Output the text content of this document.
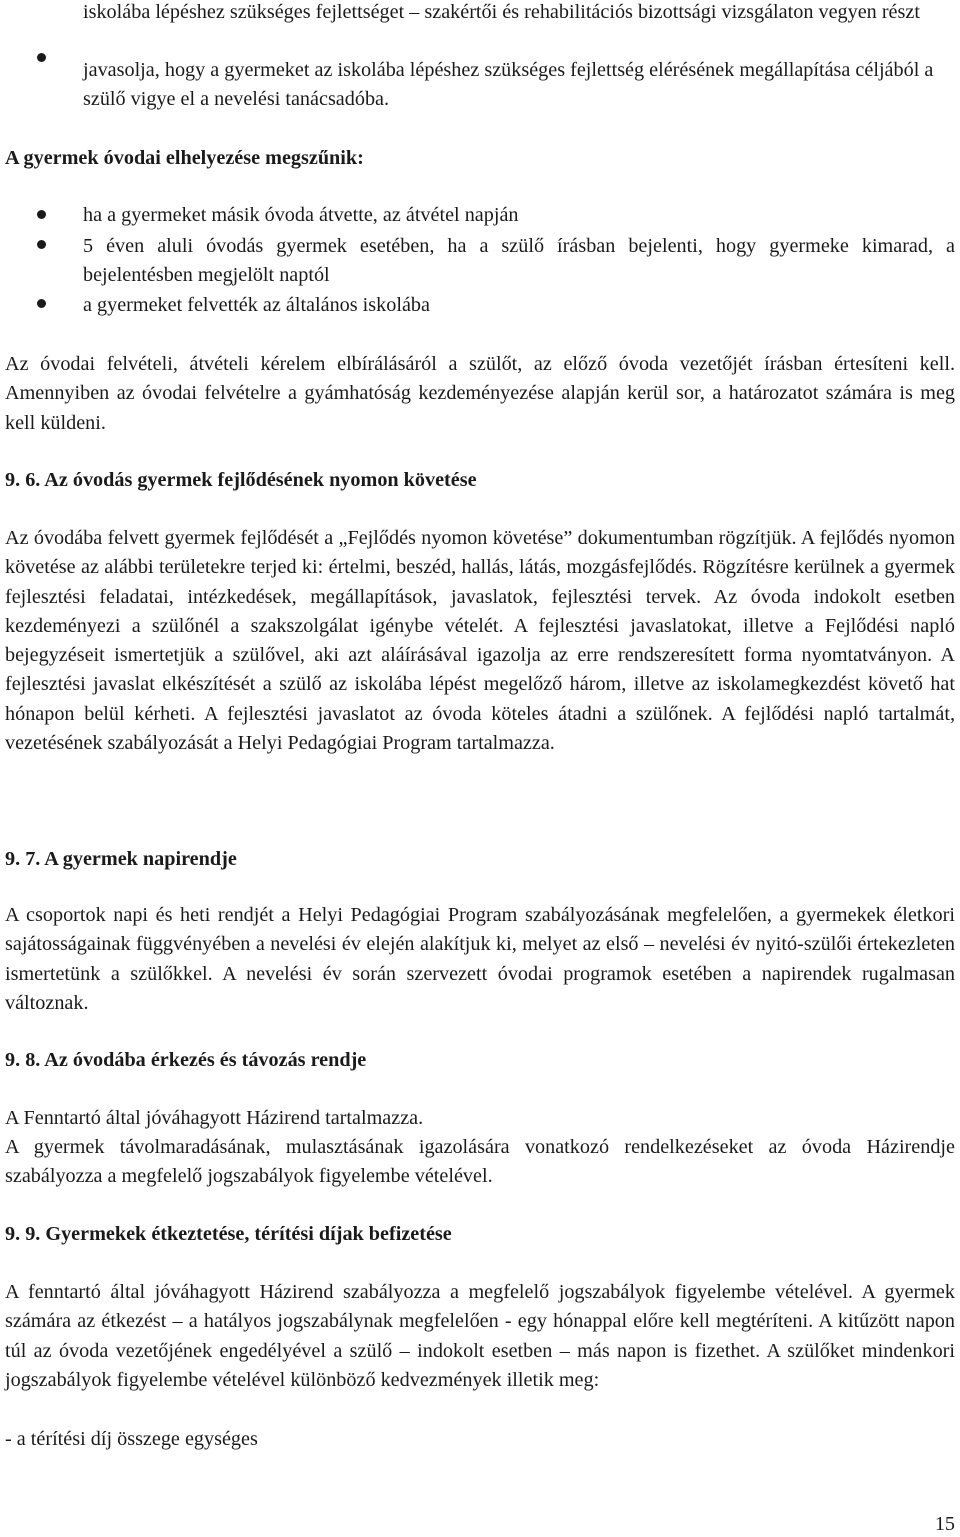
iskolába lépéshez szükséges fejlettséget – szakértői és rehabilitációs bizottsági vizsgálaton vegyen részt

javasolja, hogy a gyermeket az iskolába lépéshez szükséges fejlettség elérésének megállapítása céljából a szülő vigye el a nevelési tanácsadóba.

A gyermek óvodai elhelyezése megszűnik:

ha a gyermeket másik óvoda átvette, az átvétel napján

5 éven aluli óvodás gyermek esetében, ha a szülő írásban bejelenti, hogy gyermeke kimarad, a bejelentésben megjelölt naptól

a gyermeket felvették az általános iskolába

Az óvodai felvételi, átvételi kérelem elbírálásáról a szülőt, az előző óvoda vezetőjét írásban értesíteni kell. Amennyiben az óvodai felvételre a gyámhatóság kezdeményezése alapján kerül sor, a határozatot számára is meg kell küldeni.

9. 6. Az óvodás gyermek fejlődésének nyomon követése

Az óvodába felvett gyermek fejlődését a „Fejlődés nyomon követése” dokumentumban rögzítjük. A fejlődés nyomon követése az alábbi területekre terjed ki: értelmi, beszéd, hallás, látás, mozgásfejlődés. Rögzítésre kerülnek a gyermek fejlesztési feladatai, intézkedések, megállapítások, javaslatok, fejlesztési tervek. Az óvoda indokolt esetben kezdeményezi a szülőnél a szakszolgálat igénybe vételét. A fejlesztési javaslatokat, illetve a Fejlődési napló bejegyzéseit ismertetjük a szülővel, aki azt aláírásával igazolja az erre rendszeresített forma nyomtatványon. A fejlesztési javaslat elkészítését a szülő az iskolába lépést megelőző három, illetve az iskolamegkezdést követő hat hónapon belül kérheti. A fejlesztési javaslatot az óvoda köteles átadni a szülőnek. A fejlődési napló tartalmát, vezetésének szabályozását a Helyi Pedagógiai Program tartalmazza.

9. 7. A gyermek napirendje

A csoportok napi és heti rendjét a Helyi Pedagógiai Program szabályozásának megfelelően, a gyermekek életkori sajátosságainak függvényében a nevelési év elején alakítjuk ki, melyet az első – nevelési év nyitó-szülői értekezleten ismertetünk a szülőkkel. A nevelési év során szervezett óvodai programok esetében a napirendek rugalmasan változnak.

9. 8. Az óvodába érkezés és távozás rendje

A Fenntartó által jóváhagyott Házirend tartalmazza.

A gyermek távolmaradásának, mulasztásának igazolására vonatkozó rendelkezéseket az óvoda Házirendje szabályozza a megfelelő jogszabályok figyelembe vételével.

9. 9. Gyermekek étkeztetése, térítési díjak befizetése

A fenntartó által jóváhagyott Házirend szabályozza a megfelelő jogszabályok figyelembe vételével. A gyermek számára az étkezést – a hatályos jogszabálynak megfelelően - egy hónappal előre kell megtéríteni. A kitűzött napon túl az óvoda vezetőjének engedélyével a szülő – indokolt esetben – más napon is fizethet. A szülőket mindenkori jogszabályok figyelembe vételével különböző kedvezmények illetik meg:

- a térítési díj összege egységes

15
